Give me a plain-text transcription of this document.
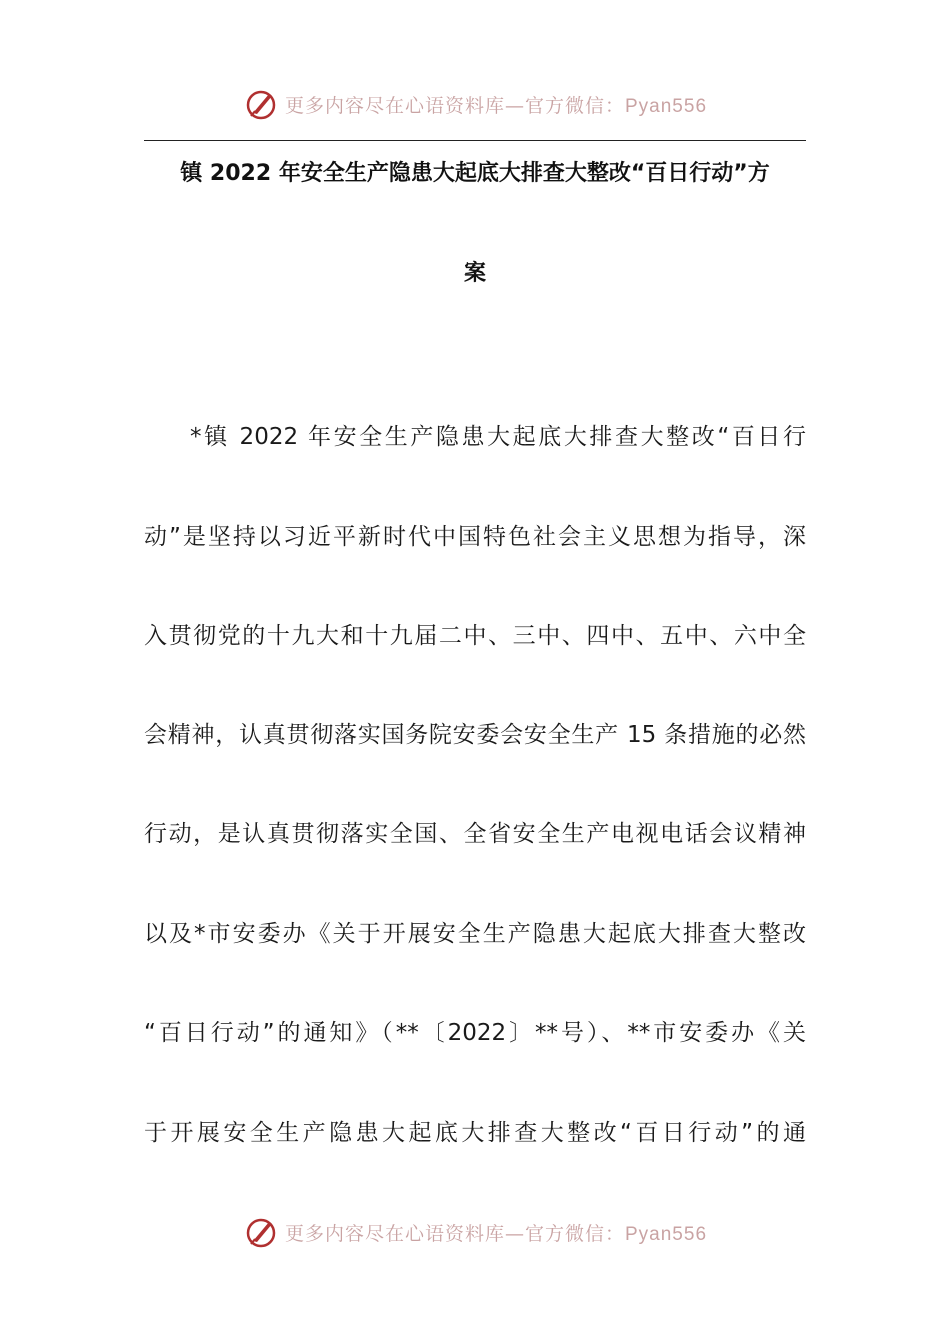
更多内容尽在心语资料库—官方微信：Pyan556
镇 2022 年安全生产隐患大起底大排查大整改“百日行动”方
案
*镇 2022 年安全生产隐患大起底大排查大整改“百日行
动”是坚持以习近平新时代中国特色社会主义思想为指导，深
入贯彻党的十九大和十九届二中、三中、四中、五中、六中全
会精神，认真贯彻落实国务院安委会安全生产 15 条措施的必然
行动，是认真贯彻落实全国、全省安全生产电视电话会议精神
以及*市安委办《关于开展安全生产隐患大起底大排查大整改
“百日行动”的通知》（**〔2022〕**号）、**市安委办《关
于开展安全生产隐患大起底大排查大整改“百日行动”的通
更多内容尽在心语资料库—官方微信：Pyan556
